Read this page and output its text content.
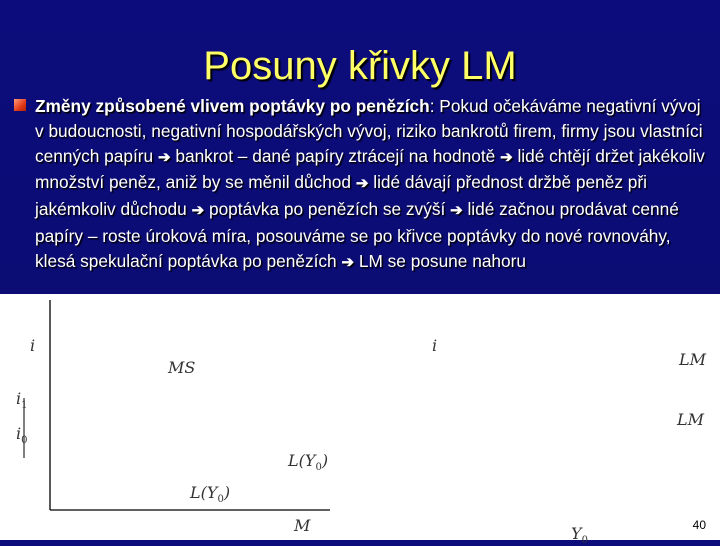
Posuny křivky LM

Změny způsobené vlivem poptávky po penězích: Pokud očekáváme negativní vývoj v budoucnosti, negativní hospodářských vývoj, riziko bankrotů firem, firmy jsou vlastníci cenných papíru ➔ bankrot – dané papíry ztrácejí na hodnotě ➔ lidé chtějí držet jakékoliv množství peněz, aniž by se měnil důchod ➔ lidé dávají přednost držbě peněz při jakémkoliv důchodu ➔ poptávka po penězích se zvýší ➔ lidé začnou prodávat cenné papíry – roste úroková míra, posouváme se po křivce poptávky do nové rovnováhy, klesá spekulační poptávka po penězích ➔ LM se posune nahoru

i
$i_1$
$i_0$
MS
$L(Y_0)$
$L(Y_0)$
M
i
LM
LM
$Y_0$
40
